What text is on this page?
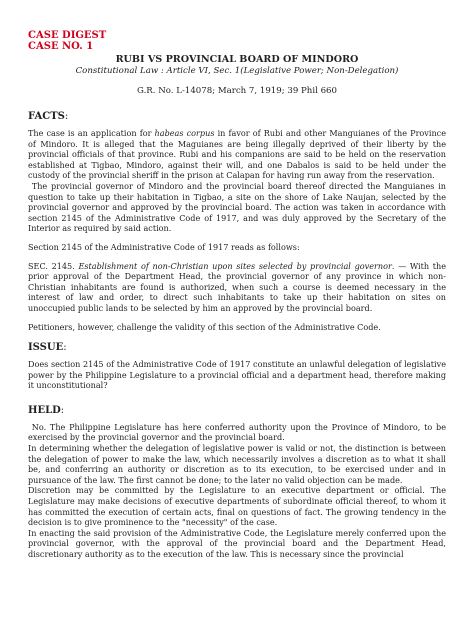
CASE DIGEST
CASE NO. 1
RUBI VS PROVINCIAL BOARD OF MINDORO
Constitutional Law : Article VI, Sec. 1(Legislative Power; Non-Delegation)
G.R. No. L-14078; March 7, 1919; 39 Phil 660
FACTS:

The case is an application for habeas corpus in favor of Rubi and other Manguianes of the Province of Mindoro. It is alleged that the Maguianes are being illegally deprived of their liberty by the provincial officials of that province. Rubi and his companions are said to be held on the reservation established at Tigbao, Mindoro, against their will, and one Dabalos is said to be held under the custody of the provincial sheriff in the prison at Calapan for having run away from the reservation.

The provincial governor of Mindoro and the provincial board thereof directed the Manguianes in question to take up their habitation in Tigbao, a site on the shore of Lake Naujan, selected by the provincial governor and approved by the provincial board. The action was taken in accordance with section 2145 of the Administrative Code of 1917, and was duly approved by the Secretary of the Interior as required by said action.

Section 2145 of the Administrative Code of 1917 reads as follows:

SEC. 2145. Establishment of non-Christian upon sites selected by provincial governor. — With the prior approval of the Department Head, the provincial governor of any province in which non-Christian inhabitants are found is authorized, when such a course is deemed necessary in the interest of law and order, to direct such inhabitants to take up their habitation on sites on unoccupied public lands to be selected by him an approved by the provincial board.

Petitioners, however, challenge the validity of this section of the Administrative Code.

ISSUE:

Does section 2145 of the Administrative Code of 1917 constitute an unlawful delegation of legislative power by the Philippine Legislature to a provincial official and a department head, therefore making it unconstitutional?

HELD:

No. The Philippine Legislature has here conferred authority upon the Province of Mindoro, to be exercised by the provincial governor and the provincial board.

In determining whether the delegation of legislative power is valid or not, the distinction is between the delegation of power to make the law, which necessarily involves a discretion as to what it shall be, and conferring an authority or discretion as to its execution, to be exercised under and in pursuance of the law. The first cannot be done; to the later no valid objection can be made.

Discretion may be committed by the Legislature to an executive department or official. The Legislature may make decisions of executive departments of subordinate official thereof, to whom it has committed the execution of certain acts, final on questions of fact. The growing tendency in the decision is to give prominence to the "necessity" of the case.

In enacting the said provision of the Administrative Code, the Legislature merely conferred upon the provincial governor, with the approval of the provincial board and the Department Head, discretionary authority as to the execution of the law. This is necessary since the provincial
